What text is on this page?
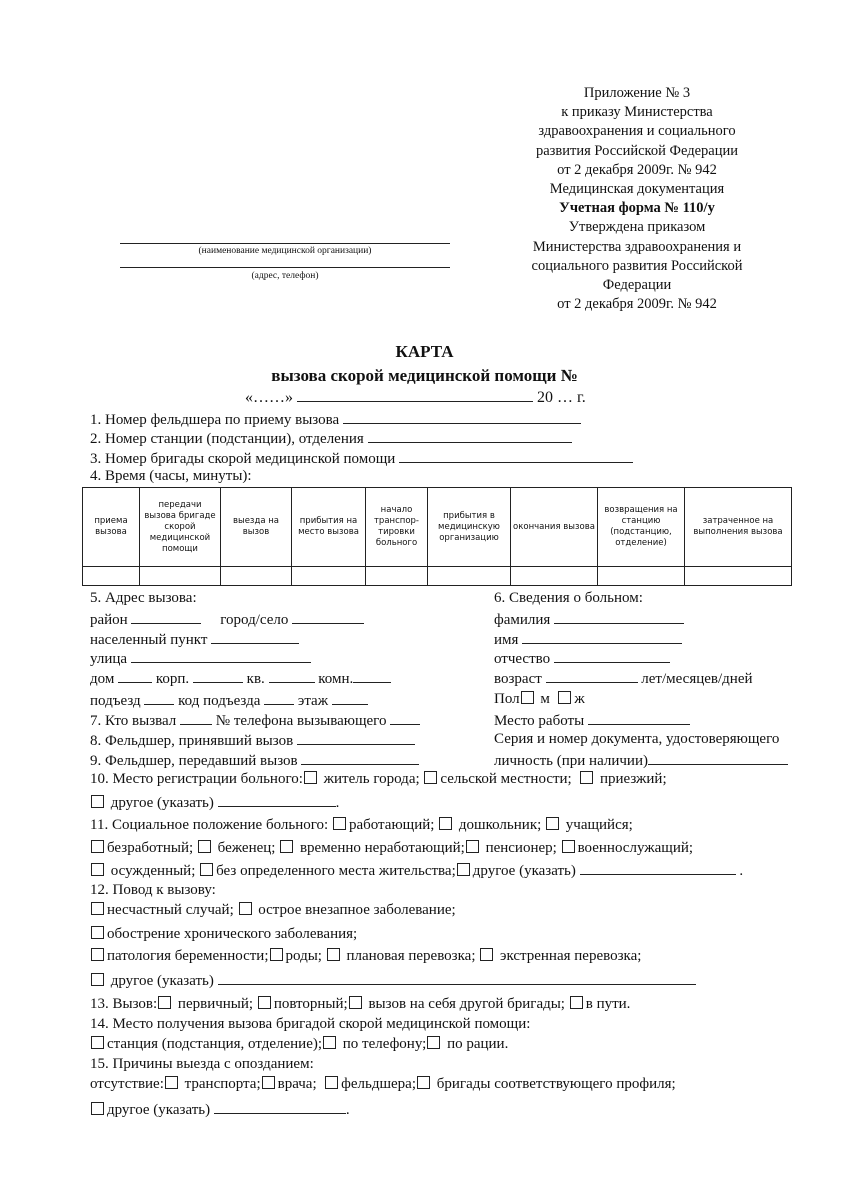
Приложение № 3
к приказу Министерства
здравоохранения и социального
развития Российской Федерации
от 2 декабря 2009г. № 942
Медицинская документация
Учетная форма № 110/у
Утверждена приказом
Министерства здравоохранения и
социального развития Российской
Федерации
от 2 декабря 2009г. № 942
(наименование медицинской организации)
(адрес, телефон)
КАРТА
вызова скорой медицинской помощи №
«……»	20 … г.
1. Номер фельдшера по приему вызова
2. Номер станции (подстанции), отделения
3. Номер бригады скорой медицинской помощи
4. Время (часы, минуты):
приема вызова	передачи вызова бригаде скорой медицинской помощи	выезда на вызов	прибытия на место вызова	начало транспор-тировки больного	прибытия в медицинскую организацию	окончания вызова	возвращения на станцию (подстанцию, отделение)	затраченное на выполнения вызова

5. Адрес вызова:
район	город/село
населенный пункт
улица
дом	корп.	кв.	комн.
подъезд	код подъезда	этаж
7. Кто вызвал	№ телефона вызывающего
8. Фельдшер, принявший вызов
9. Фельдшер, передавший вызов
6. Сведения о больном:
фамилия
имя
отчество
возраст	лет/месяцев/дней
Пол м ж
Место работы
Серия и номер документа, удостоверяющего
личность (при наличии)
10. Место регистрации больного: житель города; сельской местности; приезжий;
другое (указать)	.
11. Социальное положение больного: работающий; дошкольник; учащийся;
безработный; беженец; временно неработающий; пенсионер; военнослужащий;
осужденный; без определенного места жительства; другое (указать)	.
12. Повод к вызову:
несчастный случай; острое внезапное заболевание;
обострение хронического заболевания;
патология беременности; роды; плановая перевозка; экстренная перевозка;
другое (указать)
13. Вызов: первичный; повторный; вызов на себя другой бригады; в пути.
14. Место получения вызова бригадой скорой медицинской помощи:
станция (подстанция, отделение); по телефону; по рации.
15. Причины выезда с опозданием:
отсутствие: транспорта; врача; фельдшера; бригады соответствующего профиля;
другое (указать)	.
